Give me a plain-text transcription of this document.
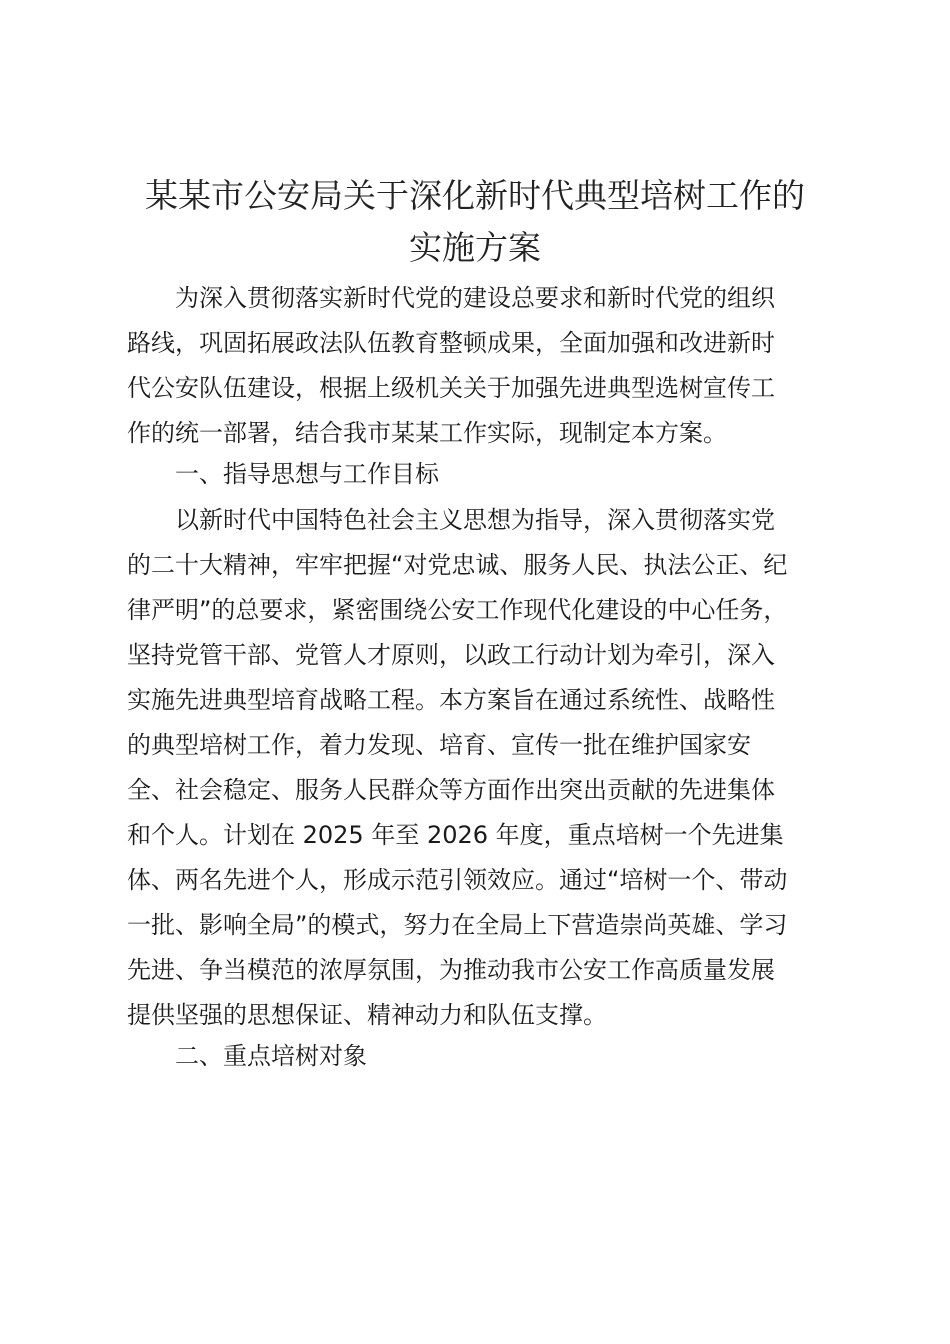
某某市公安局关于深化新时代典型培树工作的
实施方案
为深入贯彻落实新时代党的建设总要求和新时代党的组织
路线，巩固拓展政法队伍教育整顿成果，全面加强和改进新时
代公安队伍建设，根据上级机关关于加强先进典型选树宣传工
作的统一部署，结合我市某某工作实际，现制定本方案。
一、指导思想与工作目标
以新时代中国特色社会主义思想为指导，深入贯彻落实党
的二十大精神，牢牢把握“对党忠诚、服务人民、执法公正、纪
律严明”的总要求，紧密围绕公安工作现代化建设的中心任务，
坚持党管干部、党管人才原则，以政工行动计划为牵引，深入
实施先进典型培育战略工程。本方案旨在通过系统性、战略性
的典型培树工作，着力发现、培育、宣传一批在维护国家安
全、社会稳定、服务人民群众等方面作出突出贡献的先进集体
和个人。计划在 2025 年至 2026 年度，重点培树一个先进集
体、两名先进个人，形成示范引领效应。通过“培树一个、带动
一批、影响全局”的模式，努力在全局上下营造崇尚英雄、学习
先进、争当模范的浓厚氛围，为推动我市公安工作高质量发展
提供坚强的思想保证、精神动力和队伍支撑。
二、重点培树对象
